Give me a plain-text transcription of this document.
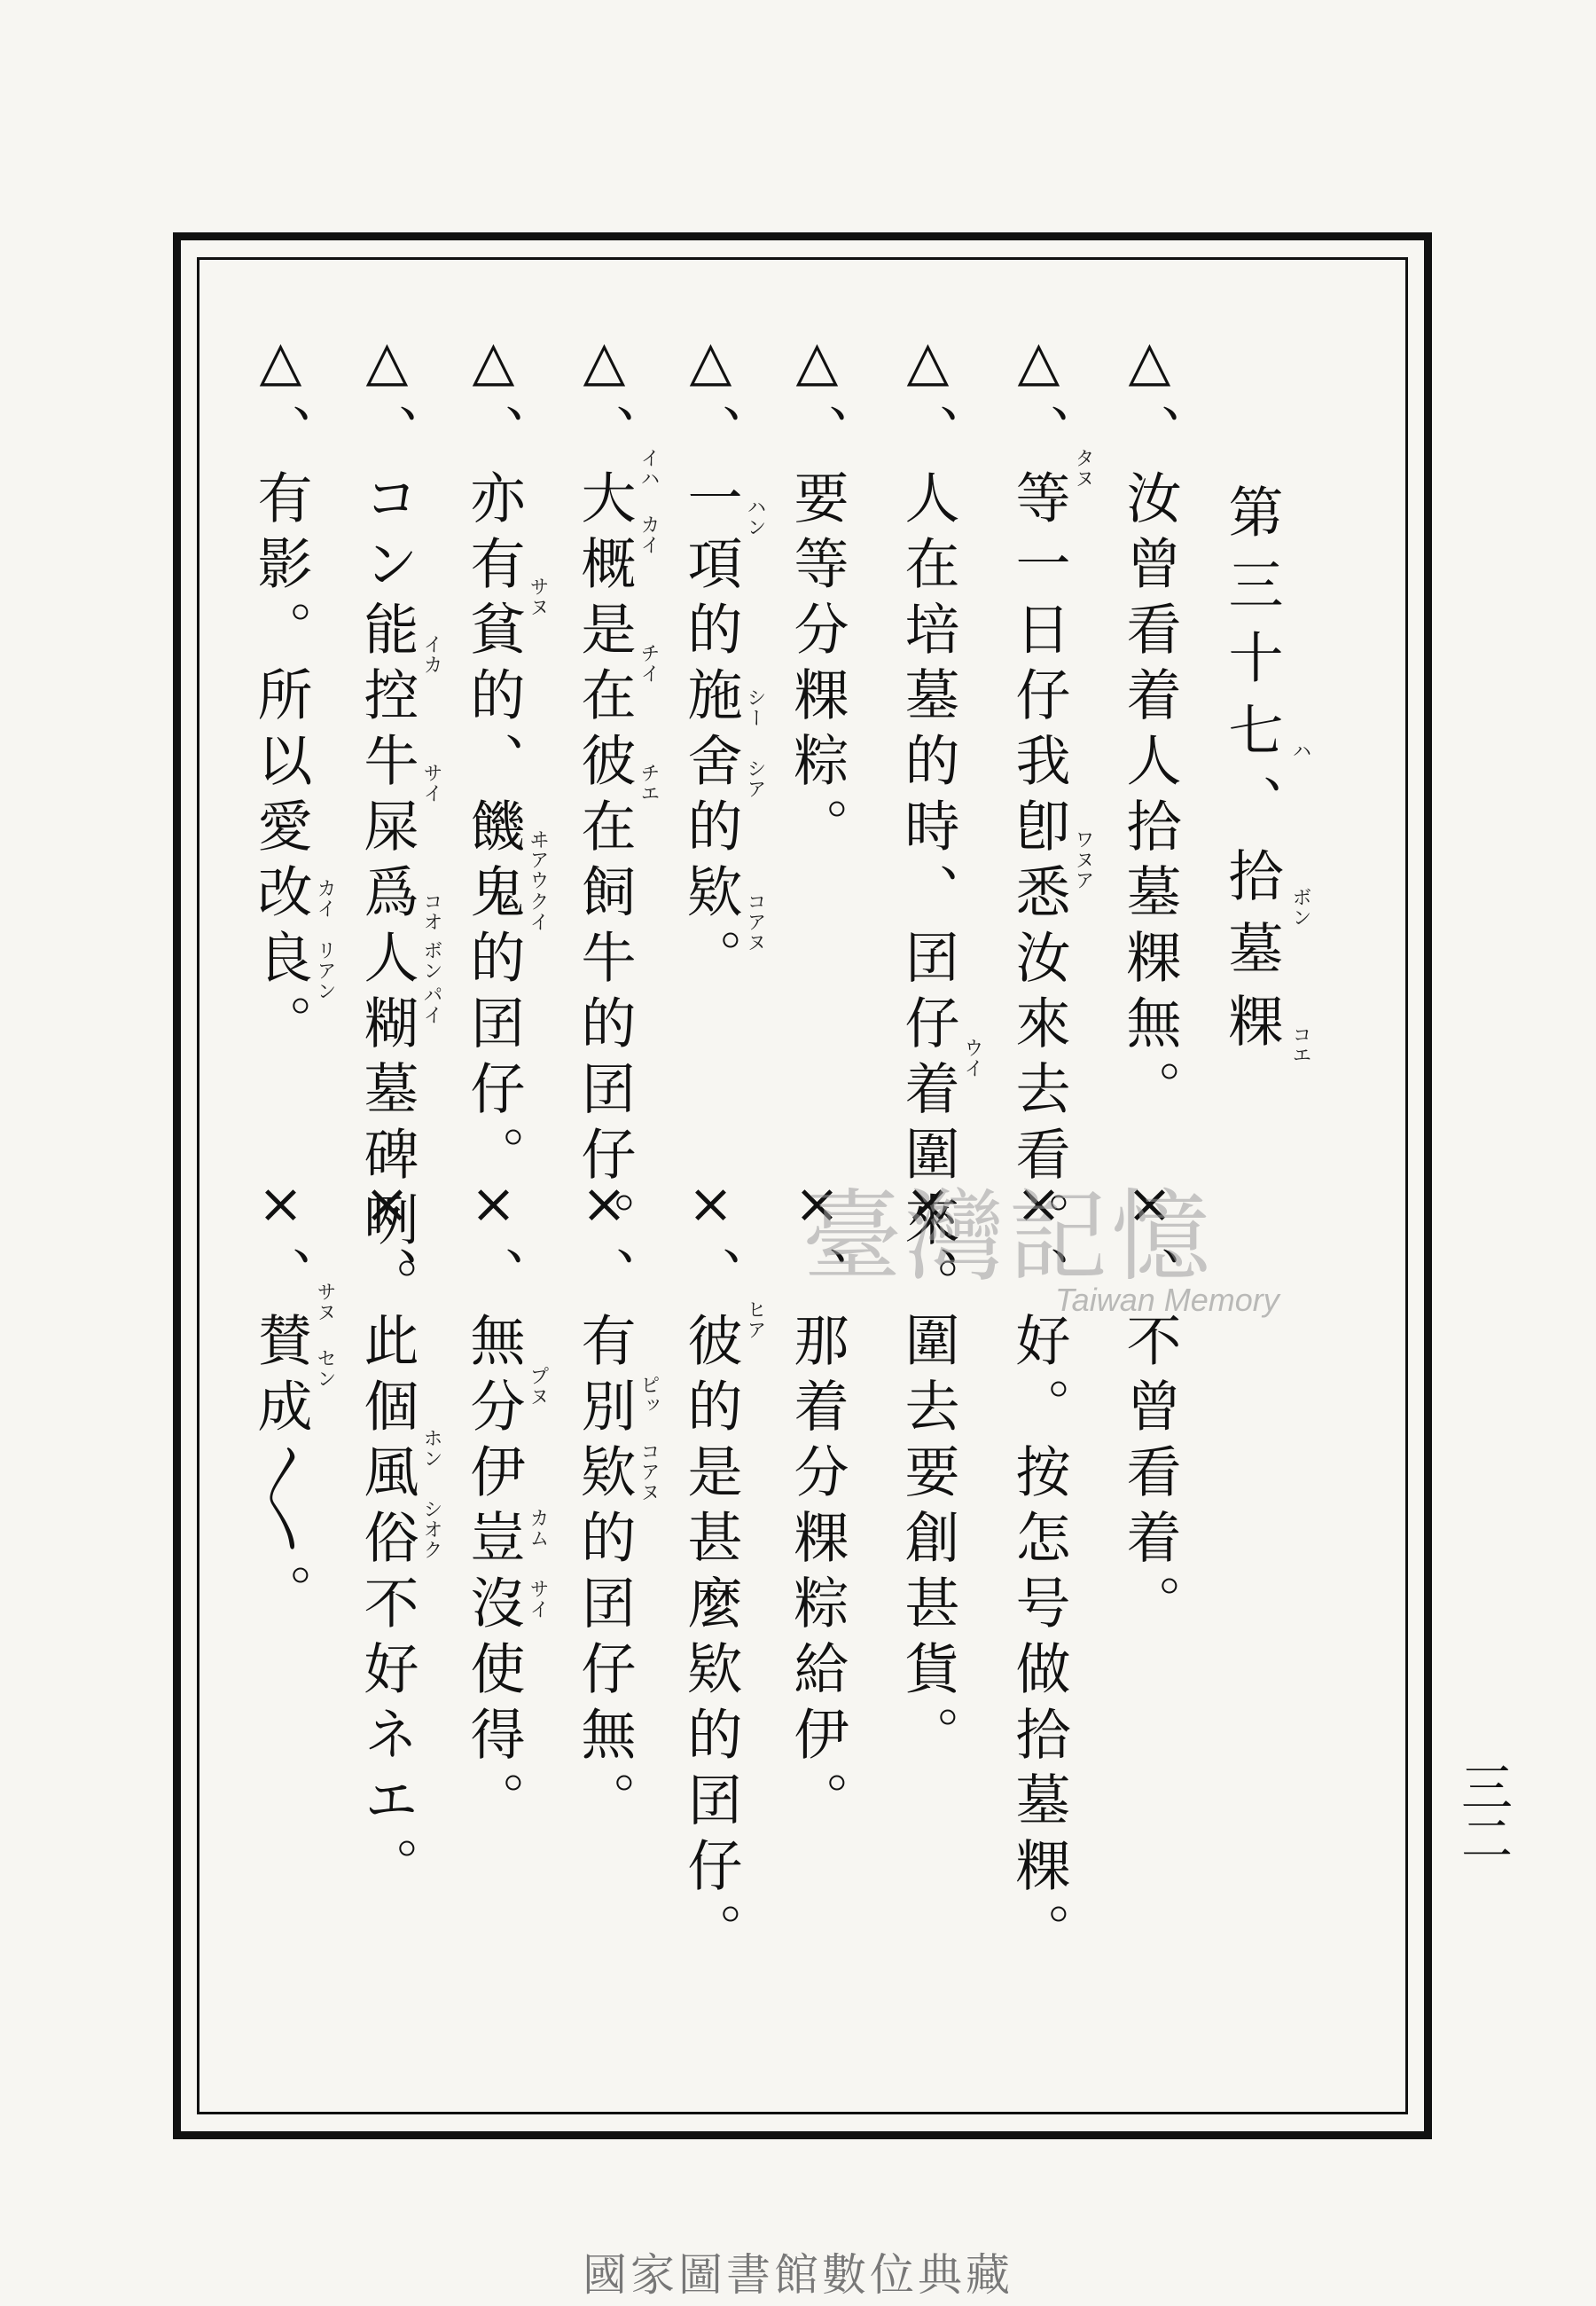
第三十七、拾墓粿 ハ
ボン
コエ
△、汝曾看着人拾墓粿無。
△、等一日仔我卽悉汝來去看。
△、人在培墓的時、囝仔着圍來。
△、要等分粿粽。
△、一項的施舍的欵。
△、大概是在彼在飼牛的囝仔。
△、亦有貧的、饑鬼的囝仔。
△、コン能控牛屎爲人糊墓碑咧。
△、有影。所以愛改良。
×、不曾看着。
×、好。按怎号做拾墓粿。
×、圍去要創甚貨。
×、那着分粿粽給伊。
×、彼的是甚麼欵的囝仔。
×、有別欵的囝仔無。
×、無分伊豈沒使得。
×、此個風俗不好ネエ。
×、賛成〳〵。
タヌ
ワヌア
ウイ
イハ
カイ
チイ
チエ
ハン
シー
シア
コアヌ
サヌ
ヰアウ
クイ
イカ
サイ
コオ
ボン
パイ
カイ
リアン
サヌ
セン
ピッ
コアヌ
ヒア
プヌ
カム
サイ
ホン
シオク
三二
臺灣記憶
Taiwan Memory
國家圖書館數位典藏
